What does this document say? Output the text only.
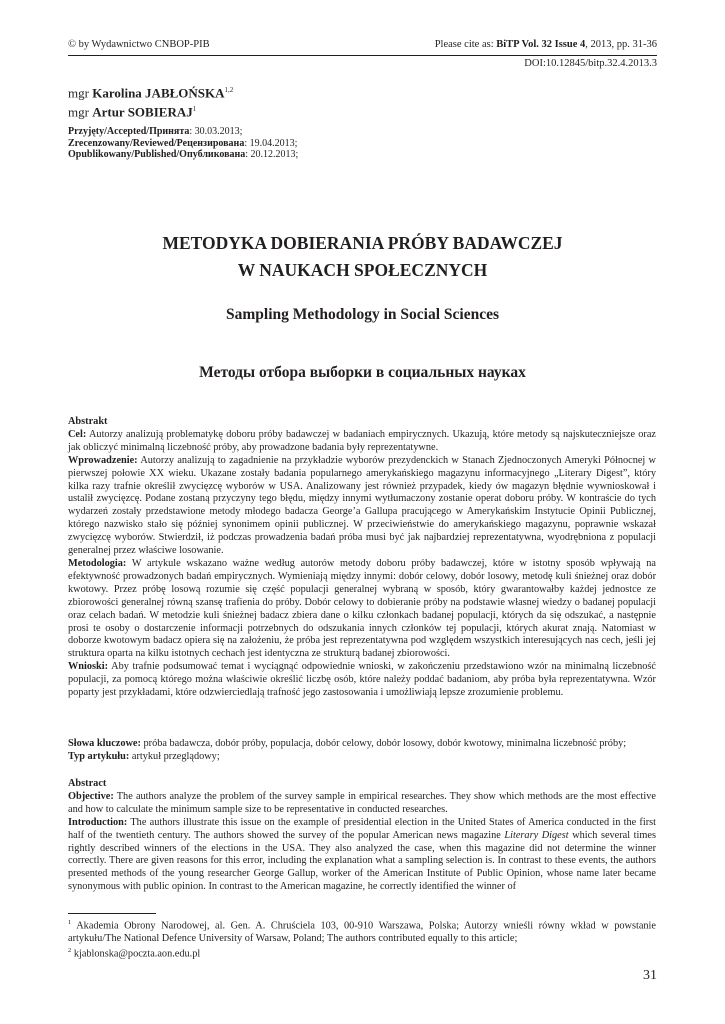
© by Wydawnictwo CNBOP-PIB	Please cite as: BiTP Vol. 32 Issue 4, 2013, pp. 31-36
DOI:10.12845/bitp.32.4.2013.3
mgr Karolina JABŁOŃSKA$^{1,2}$
mgr Artur SOBIERAJ$^1$
Przyjęty/Accepted/Принята: 30.03.2013;
Zrecenzowany/Reviewed/Рецензирована: 19.04.2013;
Opublikowany/Published/Опубликована: 20.12.2013;
METODYKA DOBIERANIA PRÓBY BADAWCZEJ
W NAUKACH SPOŁECZNYCH
Sampling Methodology in Social Sciences
Методы отбора выборки в социальных науках

Abstrakt

Cel: Autorzy analizują problematykę doboru próby badawczej w badaniach empirycznych. Ukazują, które metody są najskuteczniejsze oraz jak obliczyć minimalną liczebność próby, aby prowadzone badania były reprezentatywne.

Wprowadzenie: Autorzy analizują to zagadnienie na przykładzie wyborów prezydenckich w Stanach Zjednoczonych Ameryki Północnej w pierwszej połowie XX wieku. Ukazane zostały badania popularnego amerykańskiego magazynu informacyjnego „Literary Digest”, który kilka razy trafnie określił zwycięzcę wyborów w USA. Analizowany jest również przypadek, kiedy ów magazyn błędnie wywnioskował i ustalił zwycięzcę. Podane zostaną przyczyny tego błędu, między innymi wytłumaczony zostanie operat doboru próby. W kontraście do tych wydarzeń zostały przedstawione metody młodego badacza George’a Gallupa pracującego w Amerykańskim Instytucie Opinii Publicznej, którego nazwisko stało się później synonimem opinii publicznej. W przeciwieństwie do amerykańskiego magazynu, poprawnie wskazał zwycięzcę wyborów. Stwierdził, iż podczas prowadzenia badań próba musi być jak najbardziej reprezentatywna, wyodrębniona z populacji generalnej przez właściwe losowanie.

Metodologia: W artykule wskazano ważne według autorów metody doboru próby badawczej, które w istotny sposób wpływają na efektywność prowadzonych badań empirycznych. Wymieniają między innymi: dobór celowy, dobór losowy, metodę kuli śnieżnej oraz dobór kwotowy. Przez próbę losową rozumie się część populacji generalnej wybraną w sposób, który gwarantowałby każdej jednostce ze zbiorowości generalnej równą szansę trafienia do próby. Dobór celowy to dobieranie próby na podstawie własnej wiedzy o badanej populacji oraz celach badań. W metodzie kuli śnieżnej badacz zbiera dane o kilku członkach badanej populacji, których da się odszukać, a następnie prosi te osoby o dostarczenie informacji potrzebnych do odszukania innych członków tej populacji, których akurat znają. Natomiast w doborze kwotowym badacz opiera się na założeniu, że próba jest reprezentatywna pod względem wszystkich interesujących nas cech, jeśli jej struktura oparta na kilku istotnych cechach jest identyczna ze strukturą badanej zbiorowości.

Wnioski: Aby trafnie podsumować temat i wyciągnąć odpowiednie wnioski, w zakończeniu przedstawiono wzór na minimalną liczebność populacji, za pomocą którego można właściwie określić liczbę osób, które należy poddać badaniom, aby próba była reprezentatywna. Wzór poparty jest przykładami, które odzwierciedlają trafność jego zastosowania i umożliwiają lepsze zrozumienie problemu.

Słowa kluczowe: próba badawcza, dobór próby, populacja, dobór celowy, dobór losowy, dobór kwotowy, minimalna liczebność próby;

Typ artykułu: artykuł przeglądowy;

Abstract

Objective: The authors analyze the problem of the survey sample in empirical researches. They show which methods are the most effective and how to calculate the minimum sample size to be representative in conducted researches.

Introduction: The authors illustrate this issue on the example of presidential election in the United States of America conducted in the first half of the twentieth century. The authors showed the survey of the popular American news magazine Literary Digest which several times rightly described winners of the elections in the USA. They also analyzed the case, when this magazine did not determine the winner correctly. There are given reasons for this error, including the explanation what a sampling selection is. In contrast to these events, the authors presented methods of the young researcher George Gallup, worker of the American Institute of Public Opinion, whose name later became synonymous with public opinion. In contrast to the American magazine, he correctly identified the winner of

$^1$ Akademia Obrony Narodowej, al. Gen. A. Chruściela 103, 00-910 Warszawa, Polska; Autorzy wnieśli równy wkład w powstanie artykułu/The National Defence University of Warsaw, Poland; The authors contributed equally to this article;

$^2$ kjablonska@poczta.aon.edu.pl

31
